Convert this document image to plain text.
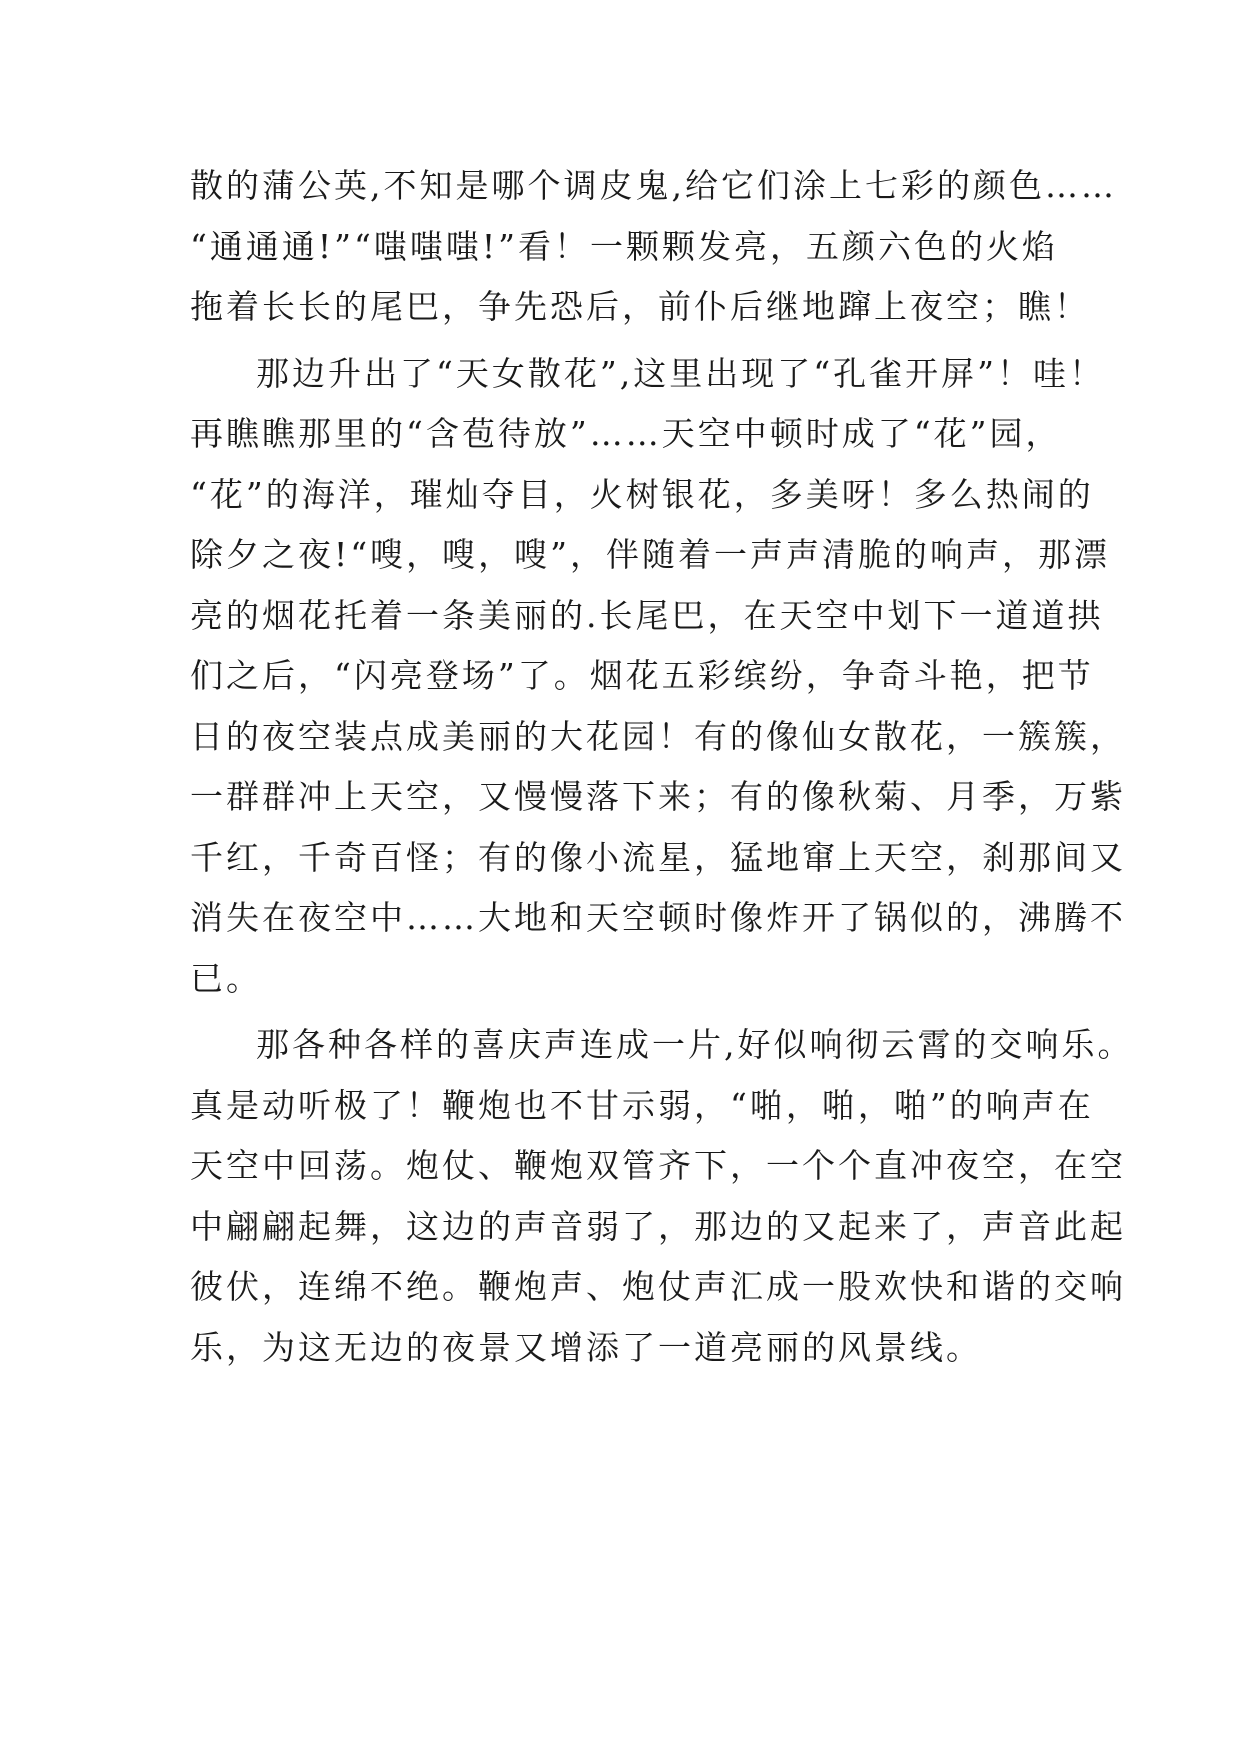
散的蒲公英,不知是哪个调皮鬼,给它们涂上七彩的颜色……
“通通通!”“嗤嗤嗤!”看！一颗颗发亮，五颜六色的火焰
拖着长长的尾巴，争先恐后，前仆后继地蹿上夜空；瞧！
那边升出了“天女散花”,这里出现了“孔雀开屏”！哇！
再瞧瞧那里的“含苞待放”……天空中顿时成了“花”园，
“花”的海洋，璀灿夺目，火树银花，多美呀！多么热闹的
除夕之夜!“嗖，嗖，嗖”，伴随着一声声清脆的响声，那漂
亮的烟花托着一条美丽的.长尾巴，在天空中划下一道道拱
们之后，“闪亮登场”了。烟花五彩缤纷，争奇斗艳，把节
日的夜空装点成美丽的大花园！有的像仙女散花，一簇簇，
一群群冲上天空，又慢慢落下来；有的像秋菊、月季，万紫
千红，千奇百怪；有的像小流星，猛地窜上天空，刹那间又
消失在夜空中……大地和天空顿时像炸开了锅似的，沸腾不
已。
那各种各样的喜庆声连成一片,好似响彻云霄的交响乐。
真是动听极了！鞭炮也不甘示弱，“啪，啪，啪”的响声在
天空中回荡。炮仗、鞭炮双管齐下，一个个直冲夜空，在空
中翩翩起舞，这边的声音弱了，那边的又起来了，声音此起
彼伏，连绵不绝。鞭炮声、炮仗声汇成一股欢快和谐的交响
乐，为这无边的夜景又增添了一道亮丽的风景线。
